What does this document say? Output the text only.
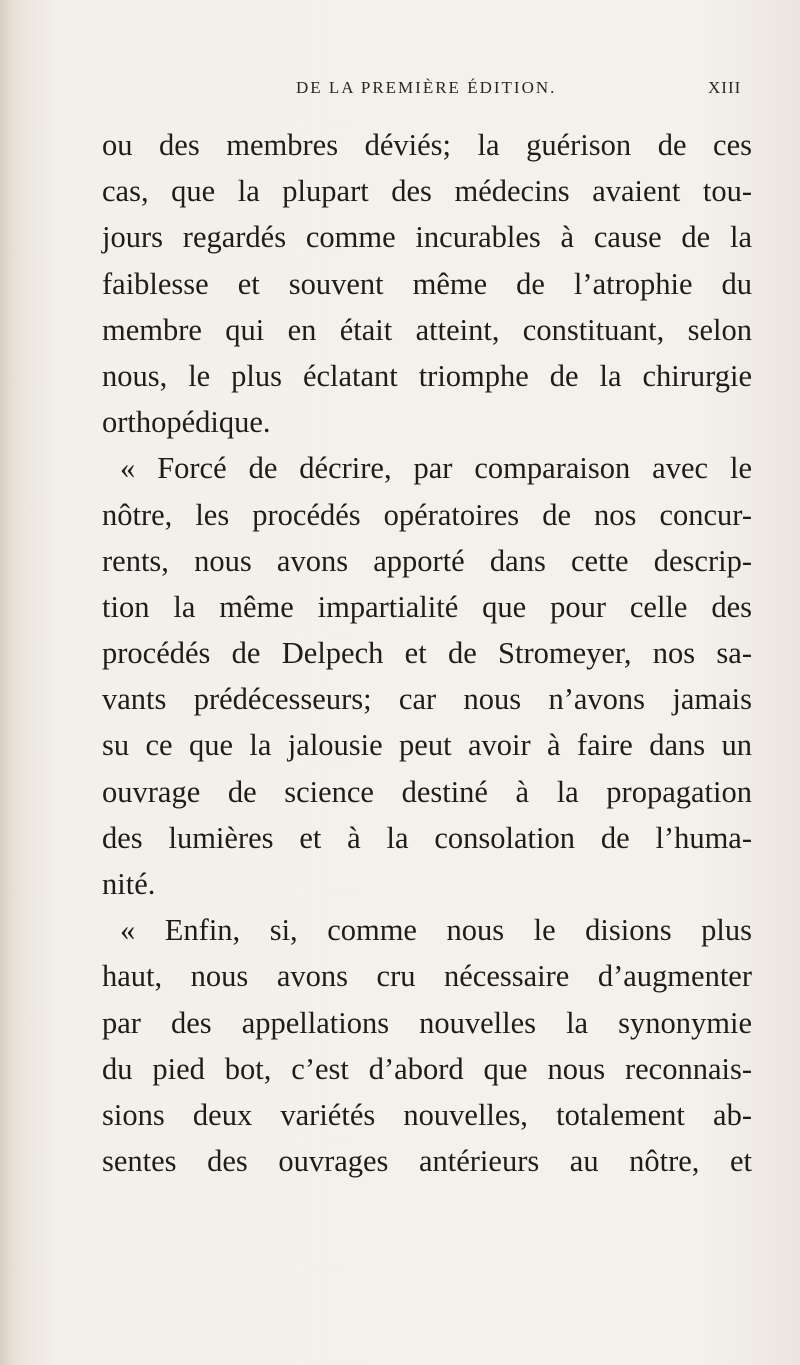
DE LA PREMIÈRE ÉDITION.	XIII
ou des membres déviés; la guérison de ces
cas, que la plupart des médecins avaient tou-
jours regardés comme incurables à cause de la
faiblesse et souvent même de l’atrophie du
membre qui en était atteint, constituant, selon
nous, le plus éclatant triomphe de la chirurgie
orthopédique.
« Forcé de décrire, par comparaison avec le
nôtre, les procédés opératoires de nos concur-
rents, nous avons apporté dans cette descrip-
tion la même impartialité que pour celle des
procédés de Delpech et de Stromeyer, nos sa-
vants prédécesseurs; car nous n’avons jamais
su ce que la jalousie peut avoir à faire dans un
ouvrage de science destiné à la propagation
des lumières et à la consolation de l’huma-
nité.
« Enfin, si, comme nous le disions plus
haut, nous avons cru nécessaire d’augmenter
par des appellations nouvelles la synonymie
du pied bot, c’est d’abord que nous reconnais-
sions deux variétés nouvelles, totalement ab-
sentes des ouvrages antérieurs au nôtre, et
